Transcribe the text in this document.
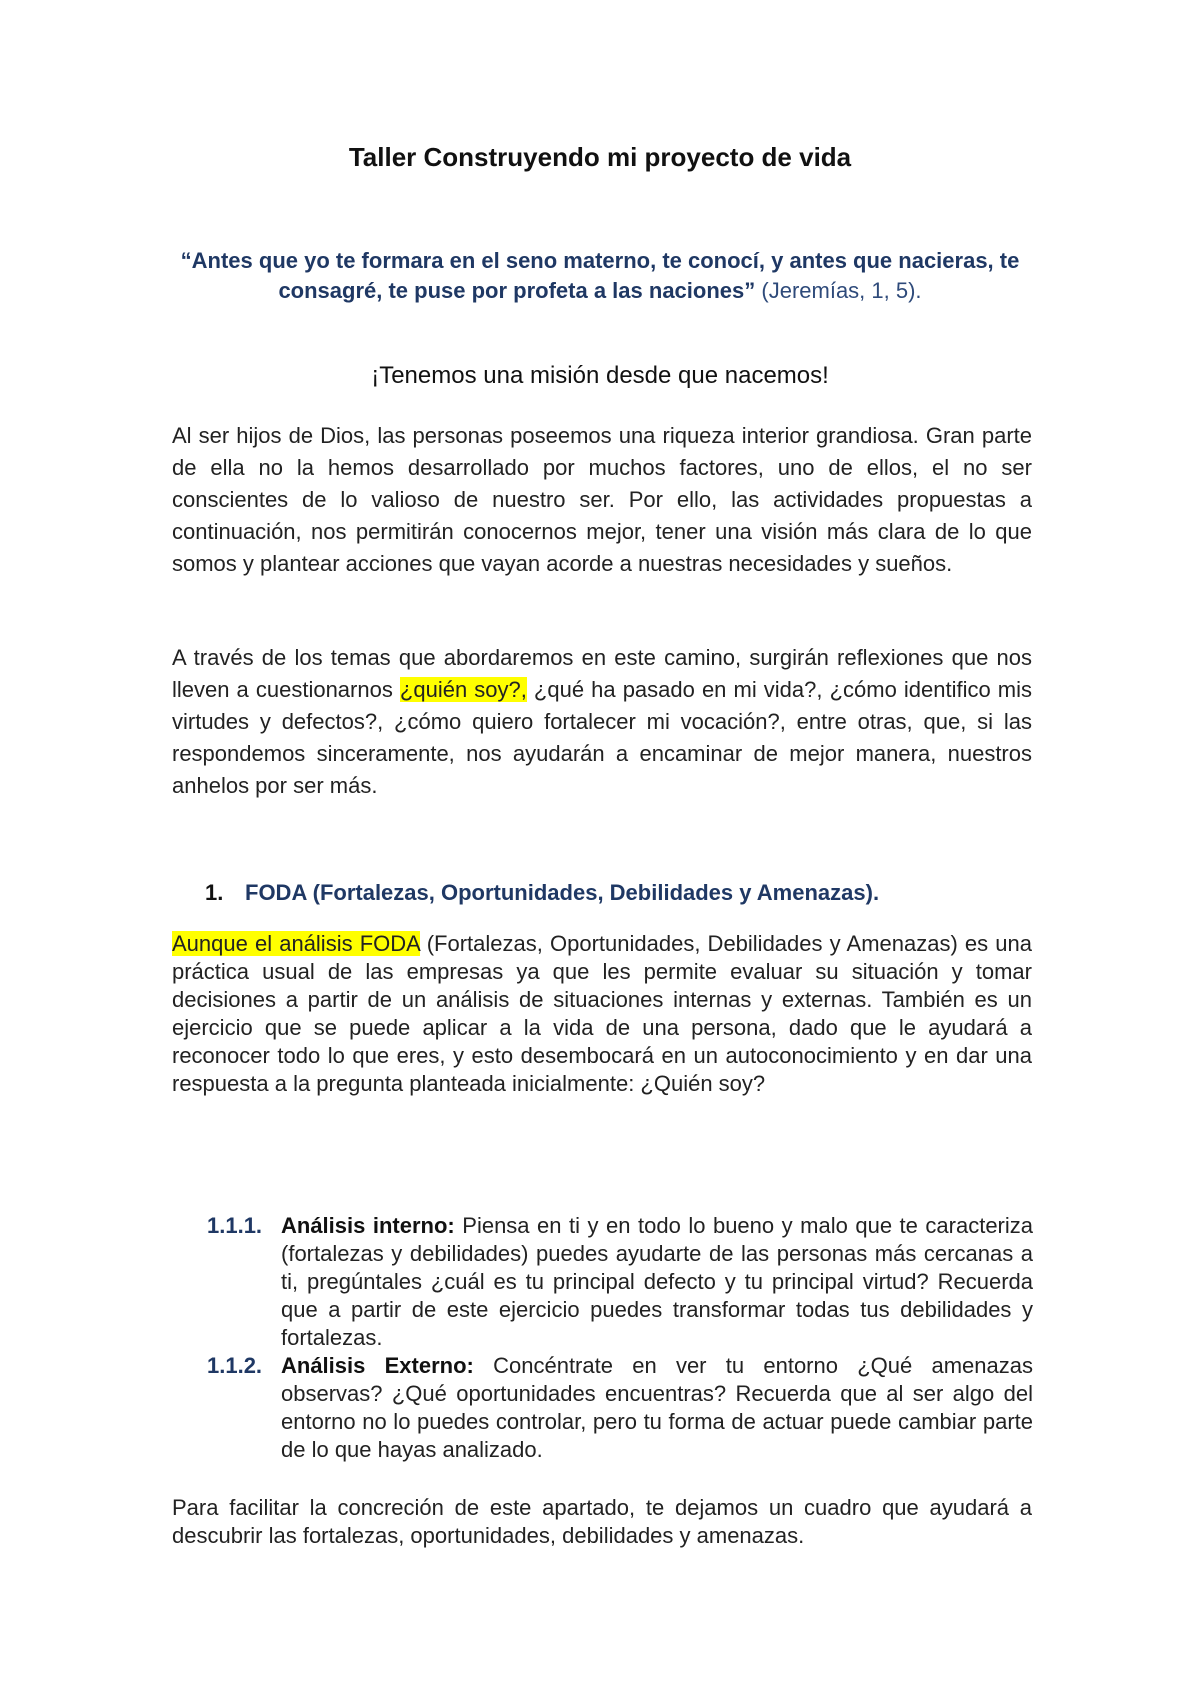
Taller Construyendo mi proyecto de vida

“Antes que yo te formara en el seno materno, te conocí, y antes que nacieras, te consagré, te puse por profeta a las naciones” (Jeremías, 1, 5).

¡Tenemos una misión desde que nacemos!

Al ser hijos de Dios, las personas poseemos una riqueza interior grandiosa. Gran parte de ella no la hemos desarrollado por muchos factores, uno de ellos, el no ser conscientes de lo valioso de nuestro ser. Por ello, las actividades propuestas a continuación, nos permitirán conocernos mejor, tener una visión más clara de lo que somos y plantear acciones que vayan acorde a nuestras necesidades y sueños.

A través de los temas que abordaremos en este camino, surgirán reflexiones que nos lleven a cuestionarnos ¿quién soy?, ¿qué ha pasado en mi vida?, ¿cómo identifico mis virtudes y defectos?, ¿cómo quiero fortalecer mi vocación?, entre otras, que, si las respondemos sinceramente, nos ayudarán a encaminar de mejor manera, nuestros anhelos por ser más.

1. FODA (Fortalezas, Oportunidades, Debilidades y Amenazas).

Aunque el análisis FODA (Fortalezas, Oportunidades, Debilidades y Amenazas) es una práctica usual de las empresas ya que les permite evaluar su situación y tomar decisiones a partir de un análisis de situaciones internas y externas. También es un ejercicio que se puede aplicar a la vida de una persona, dado que le ayudará a reconocer todo lo que eres, y esto desembocará en un autoconocimiento y en dar una respuesta a la pregunta planteada inicialmente: ¿Quién soy?

1.1.1. Análisis interno: Piensa en ti y en todo lo bueno y malo que te caracteriza (fortalezas y debilidades) puedes ayudarte de las personas más cercanas a ti, pregúntales ¿cuál es tu principal defecto y tu principal virtud? Recuerda que a partir de este ejercicio puedes transformar todas tus debilidades y fortalezas.
1.1.2. Análisis Externo: Concéntrate en ver tu entorno ¿Qué amenazas observas? ¿Qué oportunidades encuentras? Recuerda que al ser algo del entorno no lo puedes controlar, pero tu forma de actuar puede cambiar parte de lo que hayas analizado.

Para facilitar la concreción de este apartado, te dejamos un cuadro que ayudará a descubrir las fortalezas, oportunidades, debilidades y amenazas.
